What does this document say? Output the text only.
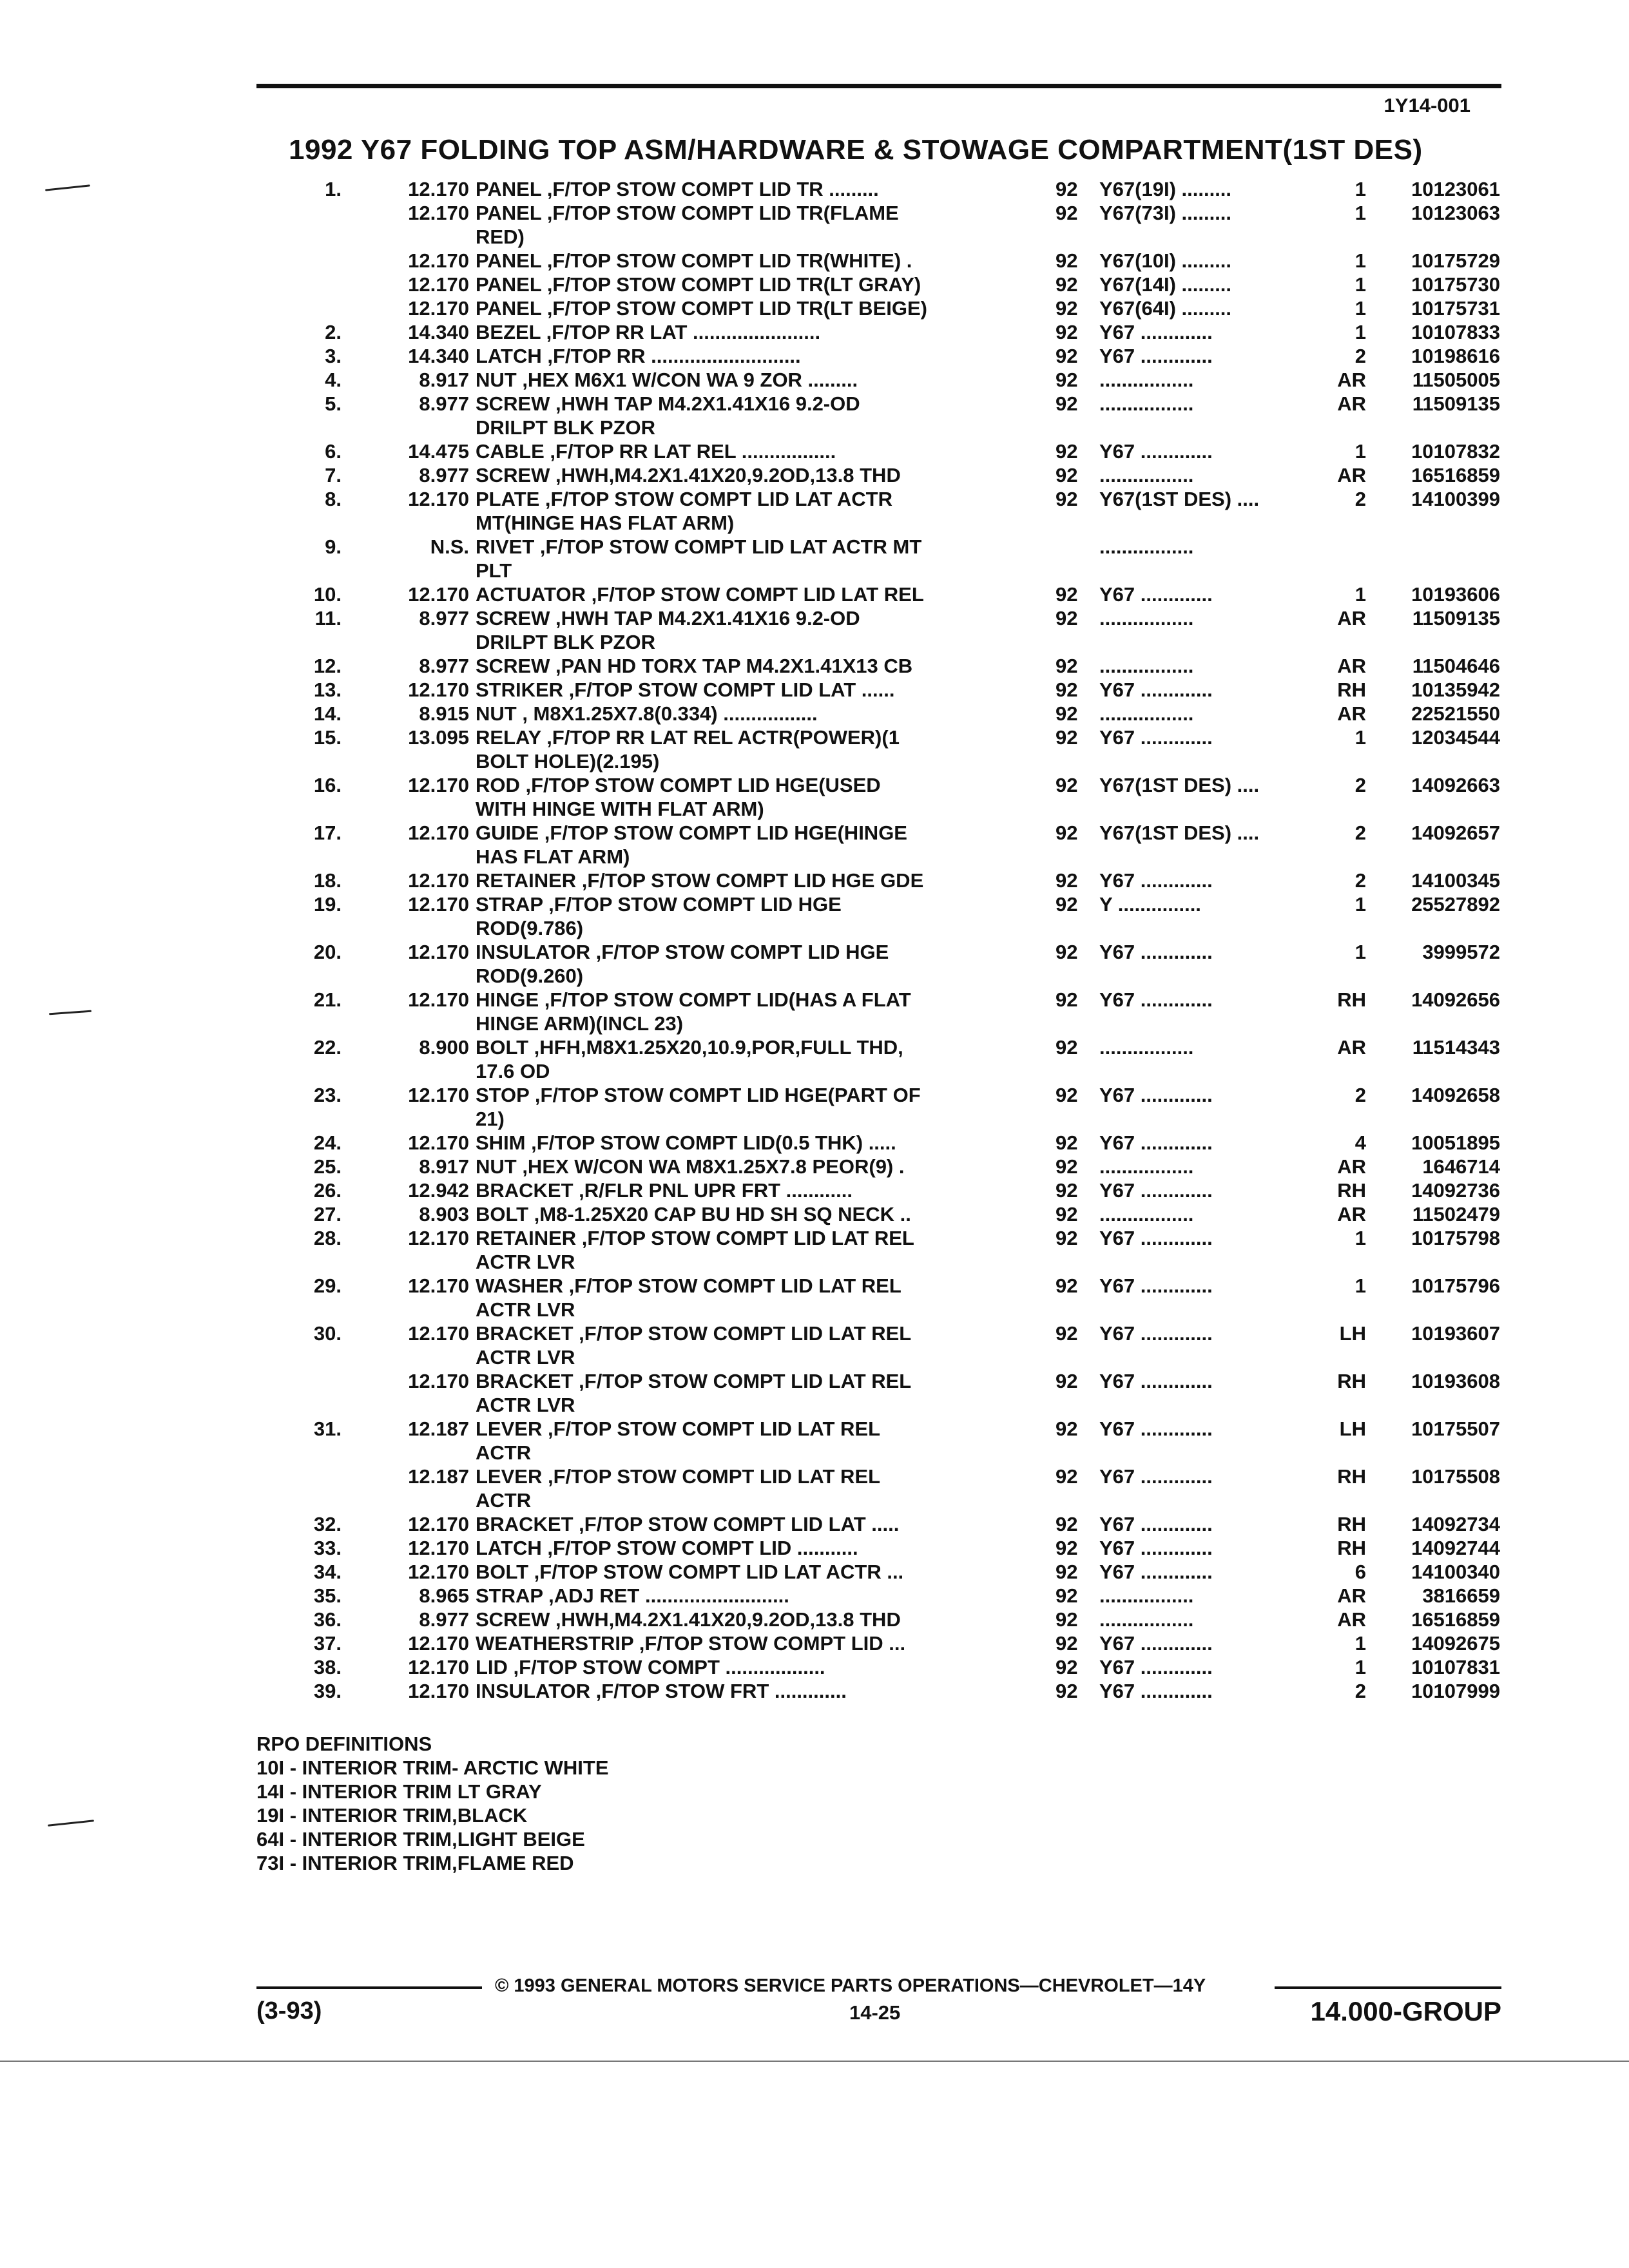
1Y14-001
1992 Y67 FOLDING TOP ASM/HARDWARE & STOWAGE COMPARTMENT(1ST DES)
1.	12.170 PANEL ,F/TOP STOW COMPT LID TR .........	92 Y67(19I) .........	1 10123061
12.170 PANEL ,F/TOP STOW COMPT LID TR(FLAME
RED)
92 Y67(73I) .........	1 10123063
12.170 PANEL ,F/TOP STOW COMPT LID TR(WHITE) .	92 Y67(10I) .........	1 10175729
12.170 PANEL ,F/TOP STOW COMPT LID TR(LT GRAY)	92 Y67(14I) .........	1 10175730
12.170 PANEL ,F/TOP STOW COMPT LID TR(LT BEIGE)	92 Y67(64I) .........	1 10175731
2.	14.340 BEZEL ,F/TOP RR LAT .......................	92 Y67 .............	1 10107833
3.	14.340 LATCH ,F/TOP RR ...........................	92 Y67 .............	2 10198616
4.	8.917 NUT ,HEX M6X1 W/CON WA 9 ZOR .........	92 .................	AR 11505005
5.	8.977 SCREW ,HWH TAP M4.2X1.41X16 9.2-OD
DRILPT BLK PZOR
92 .................	AR 11509135
6.	14.475 CABLE ,F/TOP RR LAT REL .................	92 Y67 .............	1 10107832
7.	8.977 SCREW ,HWH,M4.2X1.41X20,9.2OD,13.8 THD	92 .................	AR 16516859
8.	12.170 PLATE ,F/TOP STOW COMPT LID LAT ACTR
MT(HINGE HAS FLAT ARM)
92 Y67(1ST DES) ....	2 14100399
9.	N.S. RIVET ,F/TOP STOW COMPT LID LAT ACTR MT
PLT
.................
10.	12.170 ACTUATOR ,F/TOP STOW COMPT LID LAT REL	92 Y67 .............	1 10193606
11.	8.977 SCREW ,HWH TAP M4.2X1.41X16 9.2-OD
DRILPT BLK PZOR
92 .................	AR 11509135
12.	8.977 SCREW ,PAN HD TORX TAP M4.2X1.41X13 CB	92 .................	AR 11504646
13.	12.170 STRIKER ,F/TOP STOW COMPT LID LAT ......	92 Y67 .............	RH 10135942
14.	8.915 NUT , M8X1.25X7.8(0.334) .................	92 .................	AR 22521550
15.	13.095 RELAY ,F/TOP RR LAT REL ACTR(POWER)(1
BOLT HOLE)(2.195)
92 Y67 .............	1 12034544
16.	12.170 ROD ,F/TOP STOW COMPT LID HGE(USED
WITH HINGE WITH FLAT ARM)
92 Y67(1ST DES) ....	2 14092663
17.	12.170 GUIDE ,F/TOP STOW COMPT LID HGE(HINGE
HAS FLAT ARM)
92 Y67(1ST DES) ....	2 14092657
18.	12.170 RETAINER ,F/TOP STOW COMPT LID HGE GDE	92 Y67 .............	2 14100345
19.	12.170 STRAP ,F/TOP STOW COMPT LID HGE
ROD(9.786)
92 Y ...............	1 25527892
20.	12.170 INSULATOR ,F/TOP STOW COMPT LID HGE
ROD(9.260)
92 Y67 .............	1	3999572
21.	12.170 HINGE ,F/TOP STOW COMPT LID(HAS A FLAT
HINGE ARM)(INCL 23)
92 Y67 .............	RH 14092656
22.	8.900 BOLT ,HFH,M8X1.25X20,10.9,POR,FULL THD,
17.6 OD
92 .................	AR 11514343
23.	12.170 STOP ,F/TOP STOW COMPT LID HGE(PART OF
21)
92 Y67 .............	2 14092658
24.	12.170 SHIM ,F/TOP STOW COMPT LID(0.5 THK) .....	92 Y67 .............	4 10051895
25.	8.917 NUT ,HEX W/CON WA M8X1.25X7.8 PEOR(9) .	92 .................	AR	1646714
26.	12.942 BRACKET ,R/FLR PNL UPR FRT ............	92 Y67 .............	RH 14092736
27.	8.903 BOLT ,M8-1.25X20 CAP BU HD SH SQ NECK ..	92 .................	AR 11502479
28.	12.170 RETAINER ,F/TOP STOW COMPT LID LAT REL
ACTR LVR
92 Y67 .............	1 10175798
29.	12.170 WASHER ,F/TOP STOW COMPT LID LAT REL
ACTR LVR
92 Y67 .............	1 10175796
30.	12.170 BRACKET ,F/TOP STOW COMPT LID LAT REL
ACTR LVR
92 Y67 .............	LH 10193607
12.170 BRACKET ,F/TOP STOW COMPT LID LAT REL
ACTR LVR
92 Y67 .............	RH 10193608
31.	12.187 LEVER ,F/TOP STOW COMPT LID LAT REL
ACTR
92 Y67 .............	LH 10175507
12.187 LEVER ,F/TOP STOW COMPT LID LAT REL
ACTR
92 Y67 .............	RH 10175508
32.	12.170 BRACKET ,F/TOP STOW COMPT LID LAT .....	92 Y67 .............	RH 14092734
33.	12.170 LATCH ,F/TOP STOW COMPT LID ...........	92 Y67 .............	RH 14092744
34.	12.170 BOLT ,F/TOP STOW COMPT LID LAT ACTR ...	92 Y67 .............	6 14100340
35.	8.965 STRAP ,ADJ RET ..........................	92 .................	AR	3816659
36.	8.977 SCREW ,HWH,M4.2X1.41X20,9.2OD,13.8 THD	92 .................	AR 16516859
37.	12.170 WEATHERSTRIP ,F/TOP STOW COMPT LID ...	92 Y67 .............	1 14092675
38.	12.170 LID ,F/TOP STOW COMPT ..................	92 Y67 .............	1 10107831
39.	12.170 INSULATOR ,F/TOP STOW FRT .............	92 Y67 .............	2 10107999
RPO DEFINITIONS
10I - INTERIOR TRIM- ARCTIC WHITE
14I - INTERIOR TRIM LT GRAY
19I - INTERIOR TRIM,BLACK
64I - INTERIOR TRIM,LIGHT BEIGE
73I - INTERIOR TRIM,FLAME RED
© 1993 GENERAL MOTORS SERVICE PARTS OPERATIONS—CHEVROLET—14Y
(3-93)	14-25	14.000-GROUP
